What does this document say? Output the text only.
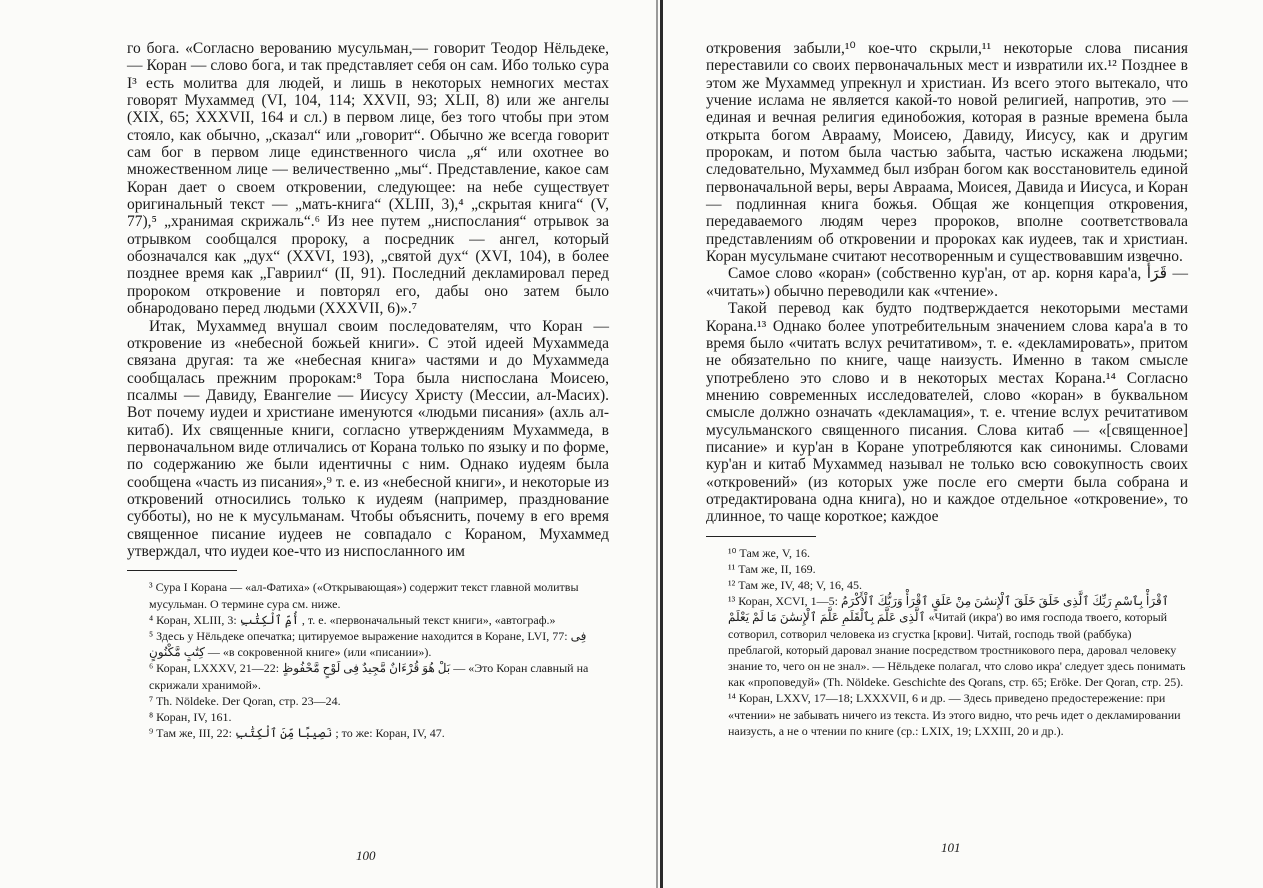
го бога. «Согласно верованию мусульман,— говорит Теодор Нёльдеке,— Коран — слово бога, и так представляет себя он сам. Ибо только сура I³ есть молитва для людей, и лишь в некоторых немногих местах говорят Мухаммед (VI, 104, 114; XXVII, 93; XLII, 8) или же ангелы (XIX, 65; XXXVII, 164 и сл.) в первом лице, без того чтобы при этом стояло, как обычно, „сказал“ или „говорит“. Обычно же всегда говорит сам бог в первом лице единственного числа „я“ или охотнее во множественном лице — величественно „мы“. Представление, какое сам Коран дает о своем откровении, следующее: на небе существует оригинальный текст — „мать-книга“ (XLIII, 3),⁴ „скрытая книга“ (V, 77),⁵ „хранимая скрижаль“.⁶ Из нее путем „ниспослания“ отрывок за отрывком сообщался пророку, а посредник — ангел, который обозначался как „дух“ (XXVI, 193), „святой дух“ (XVI, 104), в более позднее время как „Гавриил“ (II, 91). Последний декламировал перед пророком откровение и повторял его, дабы оно затем было обнародовано перед людьми (XXXVII, 6)».⁷

Итак, Мухаммед внушал своим последователям, что Коран — откровение из «небесной божьей книги». С этой идеей Мухаммеда связана другая: та же «небесная книга» частями и до Мухаммеда сообщалась прежним пророкам:⁸ Тора была ниспослана Моисею, псалмы — Давиду, Евангелие — Иисусу Христу (Мессии, ал-Масих). Вот почему иудеи и христиане именуются «людьми писания» (ахль ал-китаб). Их священные книги, согласно утверждениям Мухаммеда, в первоначальном виде отличались от Корана только по языку и по форме, по содержанию же были идентичны с ним. Однако иудеям была сообщена «часть из писания»,⁹ т. е. из «небесной книги», и некоторые из откровений относились только к иудеям (например, празднование субботы), но не к мусульманам. Чтобы объяснить, почему в его время священное писание иудеев не совпадало с Кораном, Мухаммед утверждал, что иудеи кое-что из ниспосланного им

³ Сура I Корана — «ал-Фатиха» («Открывающая») содержит текст главной молитвы мусульман. О термине сура см. ниже.

⁴ Коран, XLIII, 3: أُمِّ ٱلْكِتَٰبِ , т. е. «первоначальный текст книги», «автограф.»

⁵ Здесь у Нёльдеке опечатка; цитируемое выражение находится в Коране, LVI, 77: فِى كِتَٰبٍ مَّكْنُونٍ — «в сокровенной книге» (или «писании»).

⁶ Коран, LXXXV, 21—22: بَلْ هُوَ قُرْءَانٌ مَّجِيدٌ فِى لَوْحٍ مَّحْفُوظٍ — «Это Коран славный на скрижали хранимой».

⁷ Th. Nöldeke. Der Qoran, стр. 23—24.

⁸ Коран, IV, 161.

⁹ Там же, III, 22: نَصِيبًا مِّنَ ٱلْكِتَٰبِ ; то же: Коран, IV, 47.

100

откровения забыли,¹⁰ кое-что скрыли,¹¹ некоторые слова писания переставили со своих первоначальных мест и извратили их.¹² Позднее в этом же Мухаммед упрекнул и христиан. Из всего этого вытекало, что учение ислама не является какой-то новой религией, напротив, это — единая и вечная религия единобожия, которая в разные времена была открыта богом Аврааму, Моисею, Давиду, Иисусу, как и другим пророкам, и потом была частью забыта, частью искажена людьми; следовательно, Мухаммед был избран богом как восстановитель единой первоначальной веры, веры Авраама, Моисея, Давида и Иисуса, и Коран — подлинная книга божья. Общая же концепция откровения, передаваемого людям через пророков, вполне соответствовала представлениям об откровении и пророках как иудеев, так и христиан. Коран мусульмане считают несотворенным и существовавшим извечно.

Самое слово «коран» (собственно кур'ан, от ар. корня кара'а, قَرَأَ — «читать») обычно переводили как «чтение».

Такой перевод как будто подтверждается некоторыми местами Корана.¹³ Однако более употребительным значением слова кара'а в то время было «читать вслух речитативом», т. е. «декламировать», притом не обязательно по книге, чаще наизусть. Именно в таком смысле употреблено это слово и в некоторых местах Корана.¹⁴ Согласно мнению современных исследователей, слово «коран» в буквальном смысле должно означать «декламация», т. е. чтение вслух речитативом мусульманского священного писания. Слова китаб — «[священное] писание» и кур'ан в Коране употребляются как синонимы. Словами кур'ан и китаб Мухаммед называл не только всю совокупность своих «откровений» (из которых уже после его смерти была собрана и отредактирована одна книга), но и каждое отдельное «откровение», то длинное, то чаще короткое; каждое

¹⁰ Там же, V, 16.

¹¹ Там же, II, 169.

¹² Там же, IV, 48; V, 16, 45.

¹³ Коран, XCVI, 1—5: ٱقْرَأْ بِٱسْمِ رَبِّكَ ٱلَّذِى خَلَقَ خَلَقَ ٱلْإِنسَٰنَ مِنْ عَلَقٍ ٱقْرَأْ وَرَبُّكَ ٱلْأَكْرَمُ ٱلَّذِى عَلَّمَ بِٱلْقَلَمِ عَلَّمَ ٱلْإِنسَٰنَ مَا لَمْ يَعْلَمْ «Читай (икра') во имя господа твоего, который сотворил, сотворил человека из сгустка [крови]. Читай, господь твой (раббука) преблагой, который даровал знание посредством тростникового пера, даровал человеку знание то, чего он не знал». — Нёльдеке полагал, что слово икра' следует здесь понимать как «проповедуй» (Th. Nöldeke. Geschichte des Qorans, стр. 65; Eröke. Der Qoran, стр. 25).

¹⁴ Коран, LXXV, 17—18; LXXXVII, 6 и др. — Здесь приведено предостережение: при «чтении» не забывать ничего из текста. Из этого видно, что речь идет о декламировании наизусть, а не о чтении по книге (ср.: LXIX, 19; LXXIII, 20 и др.).

101
